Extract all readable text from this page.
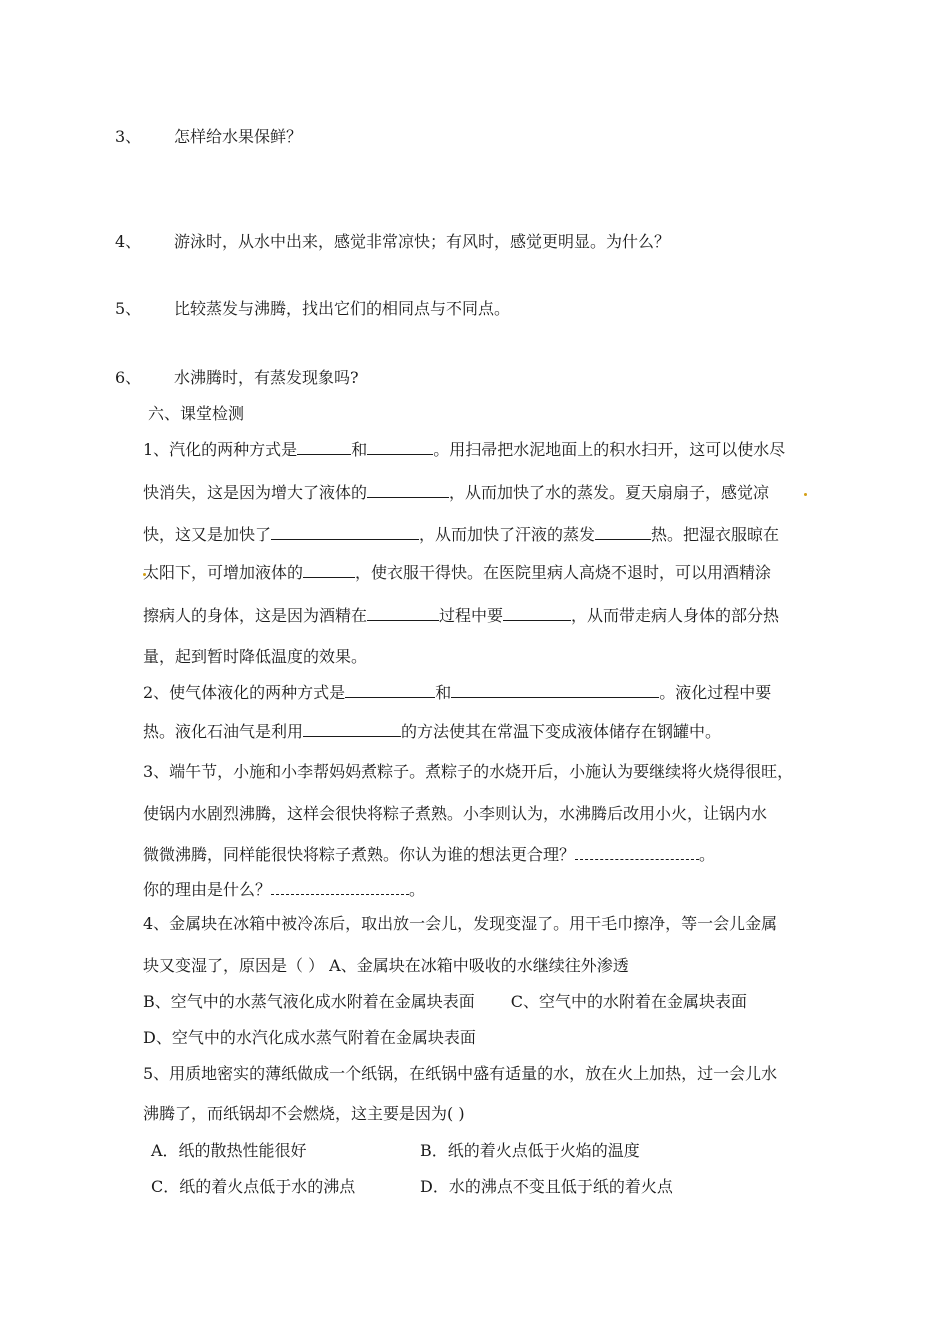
3、 怎样给水果保鲜？
4、 游泳时，从水中出来，感觉非常凉快；有风时，感觉更明显。为什么？
5、 比较蒸发与沸腾，找出它们的相同点与不同点。
6、 水沸腾时，有蒸发现象吗?
六、课堂检测
1、汽化的两种方式是	和	。用扫帚把水泥地面上的积水扫开，这可以使水尽
快消失，这是因为增大了液体的	，从而加快了水的蒸发。夏天扇扇子，感觉凉
快，这又是加快了	，从而加快了汗液的蒸发	热。把湿衣服晾在
太阳下，可增加液体的	，使衣服干得快。在医院里病人高烧不退时，可以用酒精涂
擦病人的身体，这是因为酒精在	过程中要	，从而带走病人身体的部分热
量，起到暂时降低温度的效果。
2、使气体液化的两种方式是	和	。液化过程中要
热。液化石油气是利用	的方法使其在常温下变成液体储存在钢罐中。
3、端午节，小施和小李帮妈妈煮粽子。煮粽子的水烧开后，小施认为要继续将火烧得很旺，
使锅内水剧烈沸腾，这样会很快将粽子煮熟。小李则认为，水沸腾后改用小火，让锅内水
微微沸腾，同样能很快将粽子煮熟。你认为谁的想法更合理？	。
你的理由是什么？	。
4、金属块在冰箱中被冷冻后，取出放一会儿，发现变湿了。用干毛巾擦净，等一会儿金属
块又变湿了，原因是（ ） A、金属块在冰箱中吸收的水继续往外渗透
B、空气中的水蒸气液化成水附着在金属块表面 C、空气中的水附着在金属块表面
D、空气中的水汽化成水蒸气附着在金属块表面
5、用质地密实的薄纸做成一个纸锅，在纸锅中盛有适量的水，放在火上加热，过一会儿水
沸腾了，而纸锅却不会燃烧，这主要是因为( )
A．纸的散热性能很好	B．纸的着火点低于火焰的温度
C．纸的着火点低于水的沸点	D．水的沸点不变且低于纸的着火点
